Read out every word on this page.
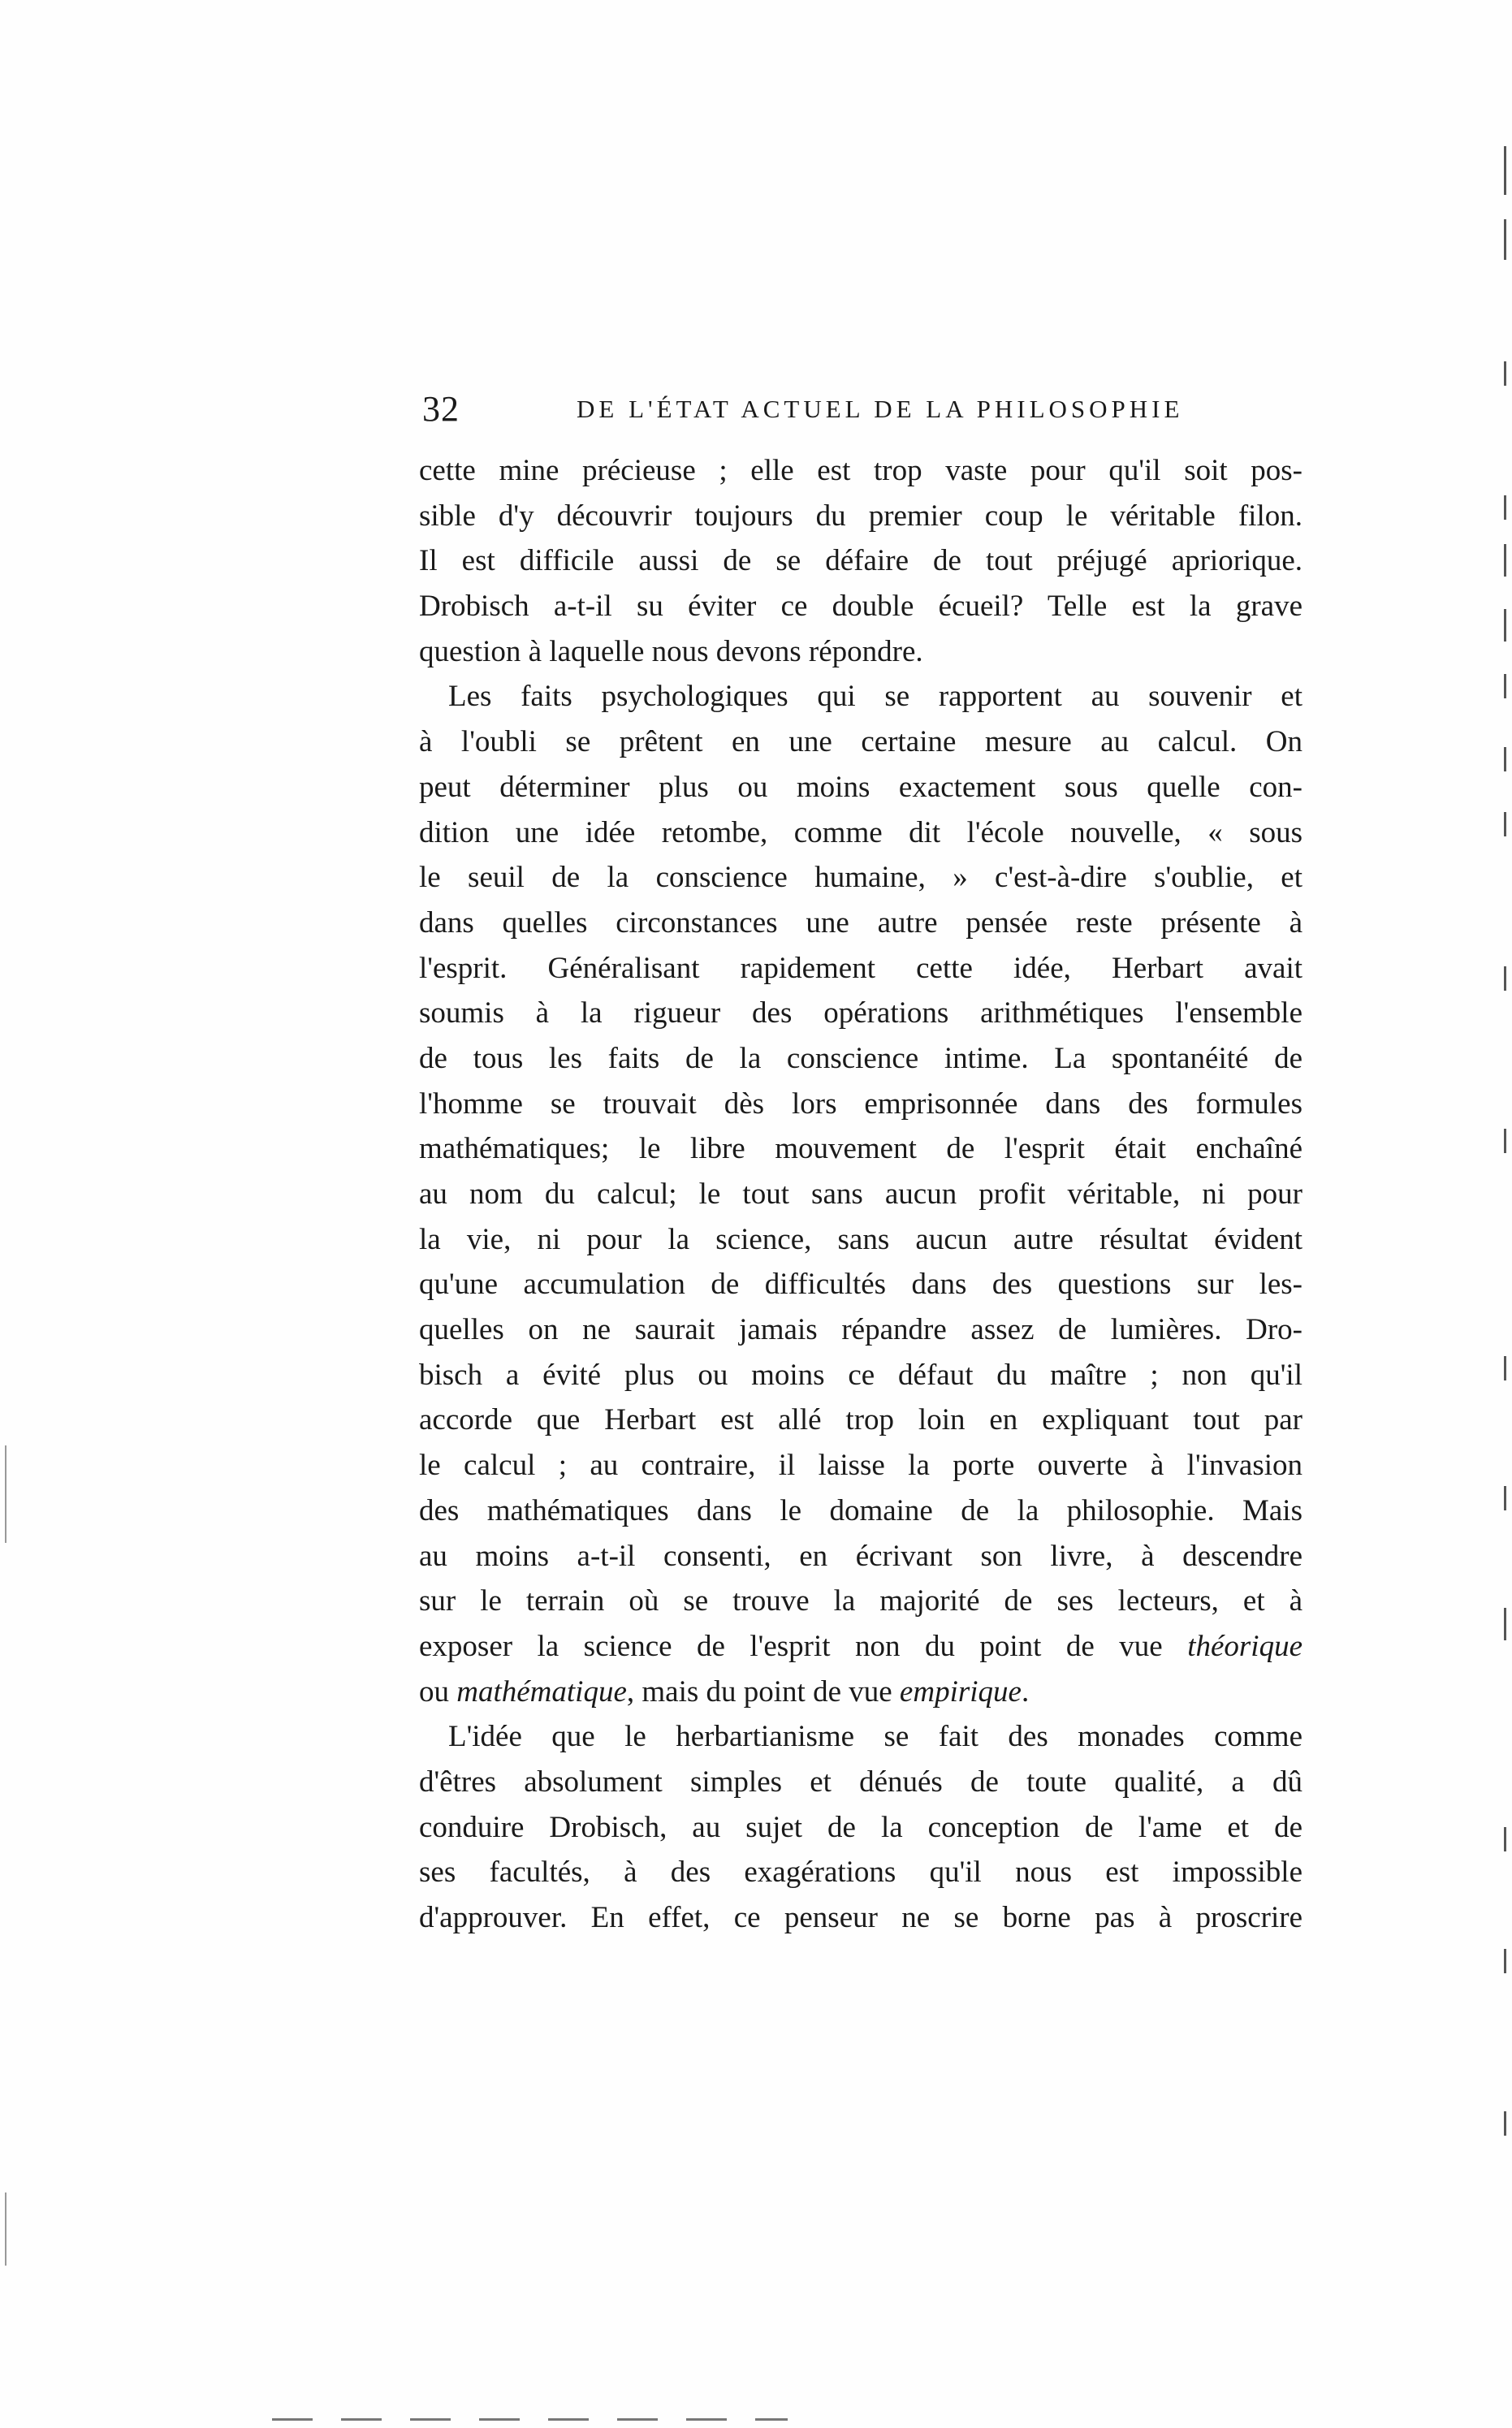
32	DE L'ÉTAT ACTUEL DE LA PHILOSOPHIE
cette mine précieuse ; elle est trop vaste pour qu'il soit pos-
sible d'y découvrir toujours du premier coup le véritable filon.
Il est difficile aussi de se défaire de tout préjugé apriorique.
Drobisch a-t-il su éviter ce double écueil? Telle est la grave
question à laquelle nous devons répondre.
Les faits psychologiques qui se rapportent au souvenir et
à l'oubli se prêtent en une certaine mesure au calcul. On
peut déterminer plus ou moins exactement sous quelle con-
dition une idée retombe, comme dit l'école nouvelle, « sous
le seuil de la conscience humaine, » c'est-à-dire s'oublie, et
dans quelles circonstances une autre pensée reste présente à
l'esprit. Généralisant rapidement cette idée, Herbart avait
soumis à la rigueur des opérations arithmétiques l'ensemble
de tous les faits de la conscience intime. La spontanéité de
l'homme se trouvait dès lors emprisonnée dans des formules
mathématiques; le libre mouvement de l'esprit était enchaîné
au nom du calcul; le tout sans aucun profit véritable, ni pour
la vie, ni pour la science, sans aucun autre résultat évident
qu'une accumulation de difficultés dans des questions sur les-
quelles on ne saurait jamais répandre assez de lumières. Dro-
bisch a évité plus ou moins ce défaut du maître ; non qu'il
accorde que Herbart est allé trop loin en expliquant tout par
le calcul ; au contraire, il laisse la porte ouverte à l'invasion
des mathématiques dans le domaine de la philosophie. Mais
au moins a-t-il consenti, en écrivant son livre, à descendre
sur le terrain où se trouve la majorité de ses lecteurs, et à
exposer la science de l'esprit non du point de vue théorique
ou mathématique, mais du point de vue empirique.
L'idée que le herbartianisme se fait des monades comme
d'êtres absolument simples et dénués de toute qualité, a dû
conduire Drobisch, au sujet de la conception de l'ame et de
ses facultés, à des exagérations qu'il nous est impossible
d'approuver. En effet, ce penseur ne se borne pas à proscrire
